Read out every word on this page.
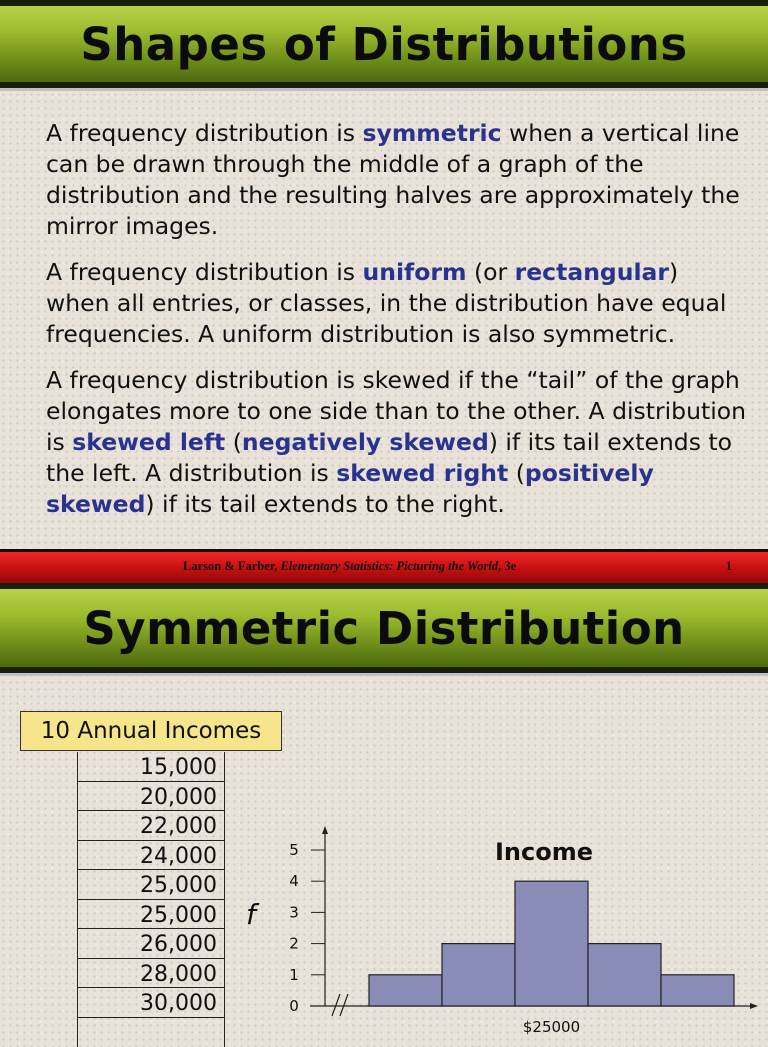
Shapes of Distributions

A frequency distribution is symmetric when a vertical line can be drawn through the middle of a graph of the distribution and the resulting halves are approximately the mirror images.

A frequency distribution is uniform (or rectangular) when all entries, or classes, in the distribution have equal frequencies. A uniform distribution is also symmetric.

A frequency distribution is skewed if the “tail” of the graph elongates more to one side than to the other. A distribution is skewed left (negatively skewed) if its tail extends to the left. A distribution is skewed right (positively skewed) if its tail extends to the right.

Larson & Farber, Elementary Statistics: Picturing the World, 3e	1
Symmetric Distribution
10 Annual Incomes
15,000
20,000
22,000
24,000
25,000
25,000
26,000
28,000
30,000
f
Income
0
1
2
3
4
5
$25000
